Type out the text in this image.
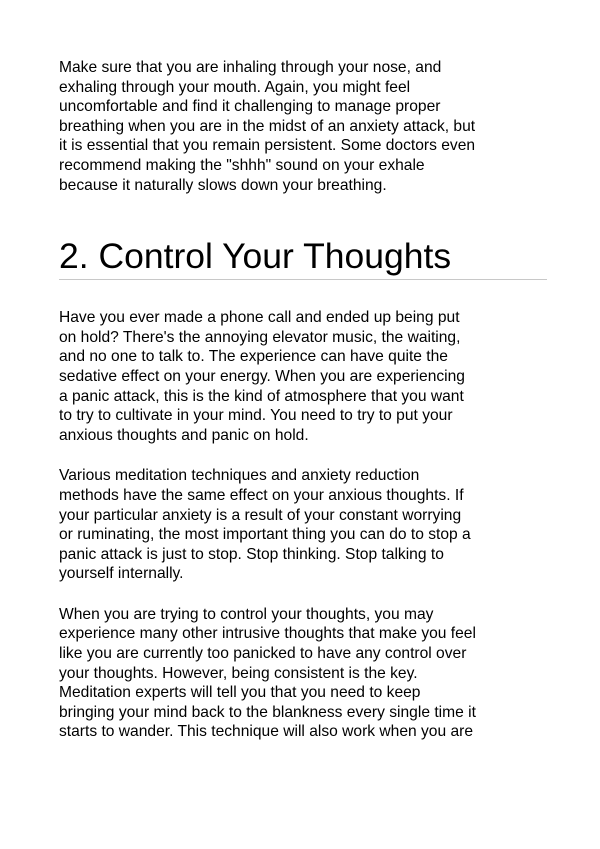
Make sure that you are inhaling through your nose, and
exhaling through your mouth. Again, you might feel
uncomfortable and find it challenging to manage proper
breathing when you are in the midst of an anxiety attack, but
it is essential that you remain persistent. Some doctors even
recommend making the "shhh" sound on your exhale
because it naturally slows down your breathing.

2. Control Your Thoughts

Have you ever made a phone call and ended up being put
on hold? There's the annoying elevator music, the waiting,
and no one to talk to. The experience can have quite the
sedative effect on your energy. When you are experiencing
a panic attack, this is the kind of atmosphere that you want
to try to cultivate in your mind. You need to try to put your
anxious thoughts and panic on hold.

Various meditation techniques and anxiety reduction
methods have the same effect on your anxious thoughts. If
your particular anxiety is a result of your constant worrying
or ruminating, the most important thing you can do to stop a
panic attack is just to stop. Stop thinking. Stop talking to
yourself internally.

When you are trying to control your thoughts, you may
experience many other intrusive thoughts that make you feel
like you are currently too panicked to have any control over
your thoughts. However, being consistent is the key.
Meditation experts will tell you that you need to keep
bringing your mind back to the blankness every single time it
starts to wander. This technique will also work when you are
